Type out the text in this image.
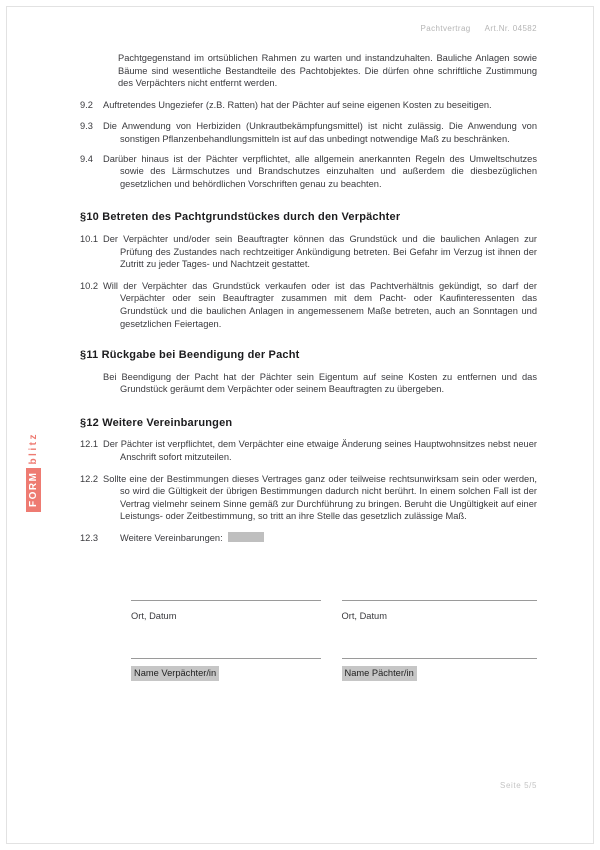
Pachtvertrag Art.Nr. 04582
FORM
blitz

Pachtgegenstand im ortsüblichen Rahmen zu warten und instandzuhalten. Bauliche Anlagen sowie Bäume sind wesentliche Bestandteile des Pachtobjektes. Die dürfen ohne schriftliche Zustimmung des Verpächters nicht entfernt werden.

9.2	Auftretendes Ungeziefer (z.B. Ratten) hat der Pächter auf seine eigenen Kosten zu beseitigen.
9.3	Die Anwendung von Herbiziden (Unkrautbekämpfungsmittel) ist nicht zulässig. Die Anwendung von sonstigen Pflanzenbehandlungsmitteln ist auf das unbedingt notwendige Maß zu beschränken.
9.4	Darüber hinaus ist der Pächter verpflichtet, alle allgemein anerkannten Regeln des Umweltschutzes sowie des Lärmschutzes und Brandschutzes einzuhalten und außerdem die diesbezüglichen gesetzlichen und behördlichen Vorschriften genau zu beachten.
§10 Betreten des Pachtgrundstückes durch den Verpächter
10.1 Der Verpächter und/oder sein Beauftragter können das Grundstück und die baulichen Anlagen zur Prüfung des Zustandes nach rechtzeitiger Ankündigung betreten. Bei Gefahr im Verzug ist ihnen der Zutritt zu jeder Tages- und Nachtzeit gestattet.
10.2 Will der Verpächter das Grundstück verkaufen oder ist das Pachtverhältnis gekündigt, so darf der Verpächter oder sein Beauftragter zusammen mit dem Pacht- oder Kaufinteressenten das Grundstück und die baulichen Anlagen in angemessenem Maße betreten, auch an Sonntagen und gesetzlichen Feiertagen.
§11 Rückgabe bei Beendigung der Pacht
Bei Beendigung der Pacht hat der Pächter sein Eigentum auf seine Kosten zu entfernen und das Grundstück geräumt dem Verpächter oder seinem Beauftragten zu übergeben.
§12 Weitere Vereinbarungen
12.1 Der Pächter ist verpflichtet, dem Verpächter eine etwaige Änderung seines Hauptwohnsitzes nebst neuer Anschrift sofort mitzuteilen.
12.2 Sollte eine der Bestimmungen dieses Vertrages ganz oder teilweise rechtsunwirksam sein oder werden, so wird die Gültigkeit der übrigen Bestimmungen dadurch nicht berührt. In einem solchen Fall ist der Vertrag vielmehr seinem Sinne gemäß zur Durchführung zu bringen. Beruht die Ungültigkeit auf einer Leistungs- oder Zeitbestimmung, so tritt an ihre Stelle das gesetzlich zulässige Maß.
12.3	Weitere Vereinbarungen:
Ort, Datum
Name Verpächter/in
Ort, Datum
Name Pächter/in
Seite 5/5
